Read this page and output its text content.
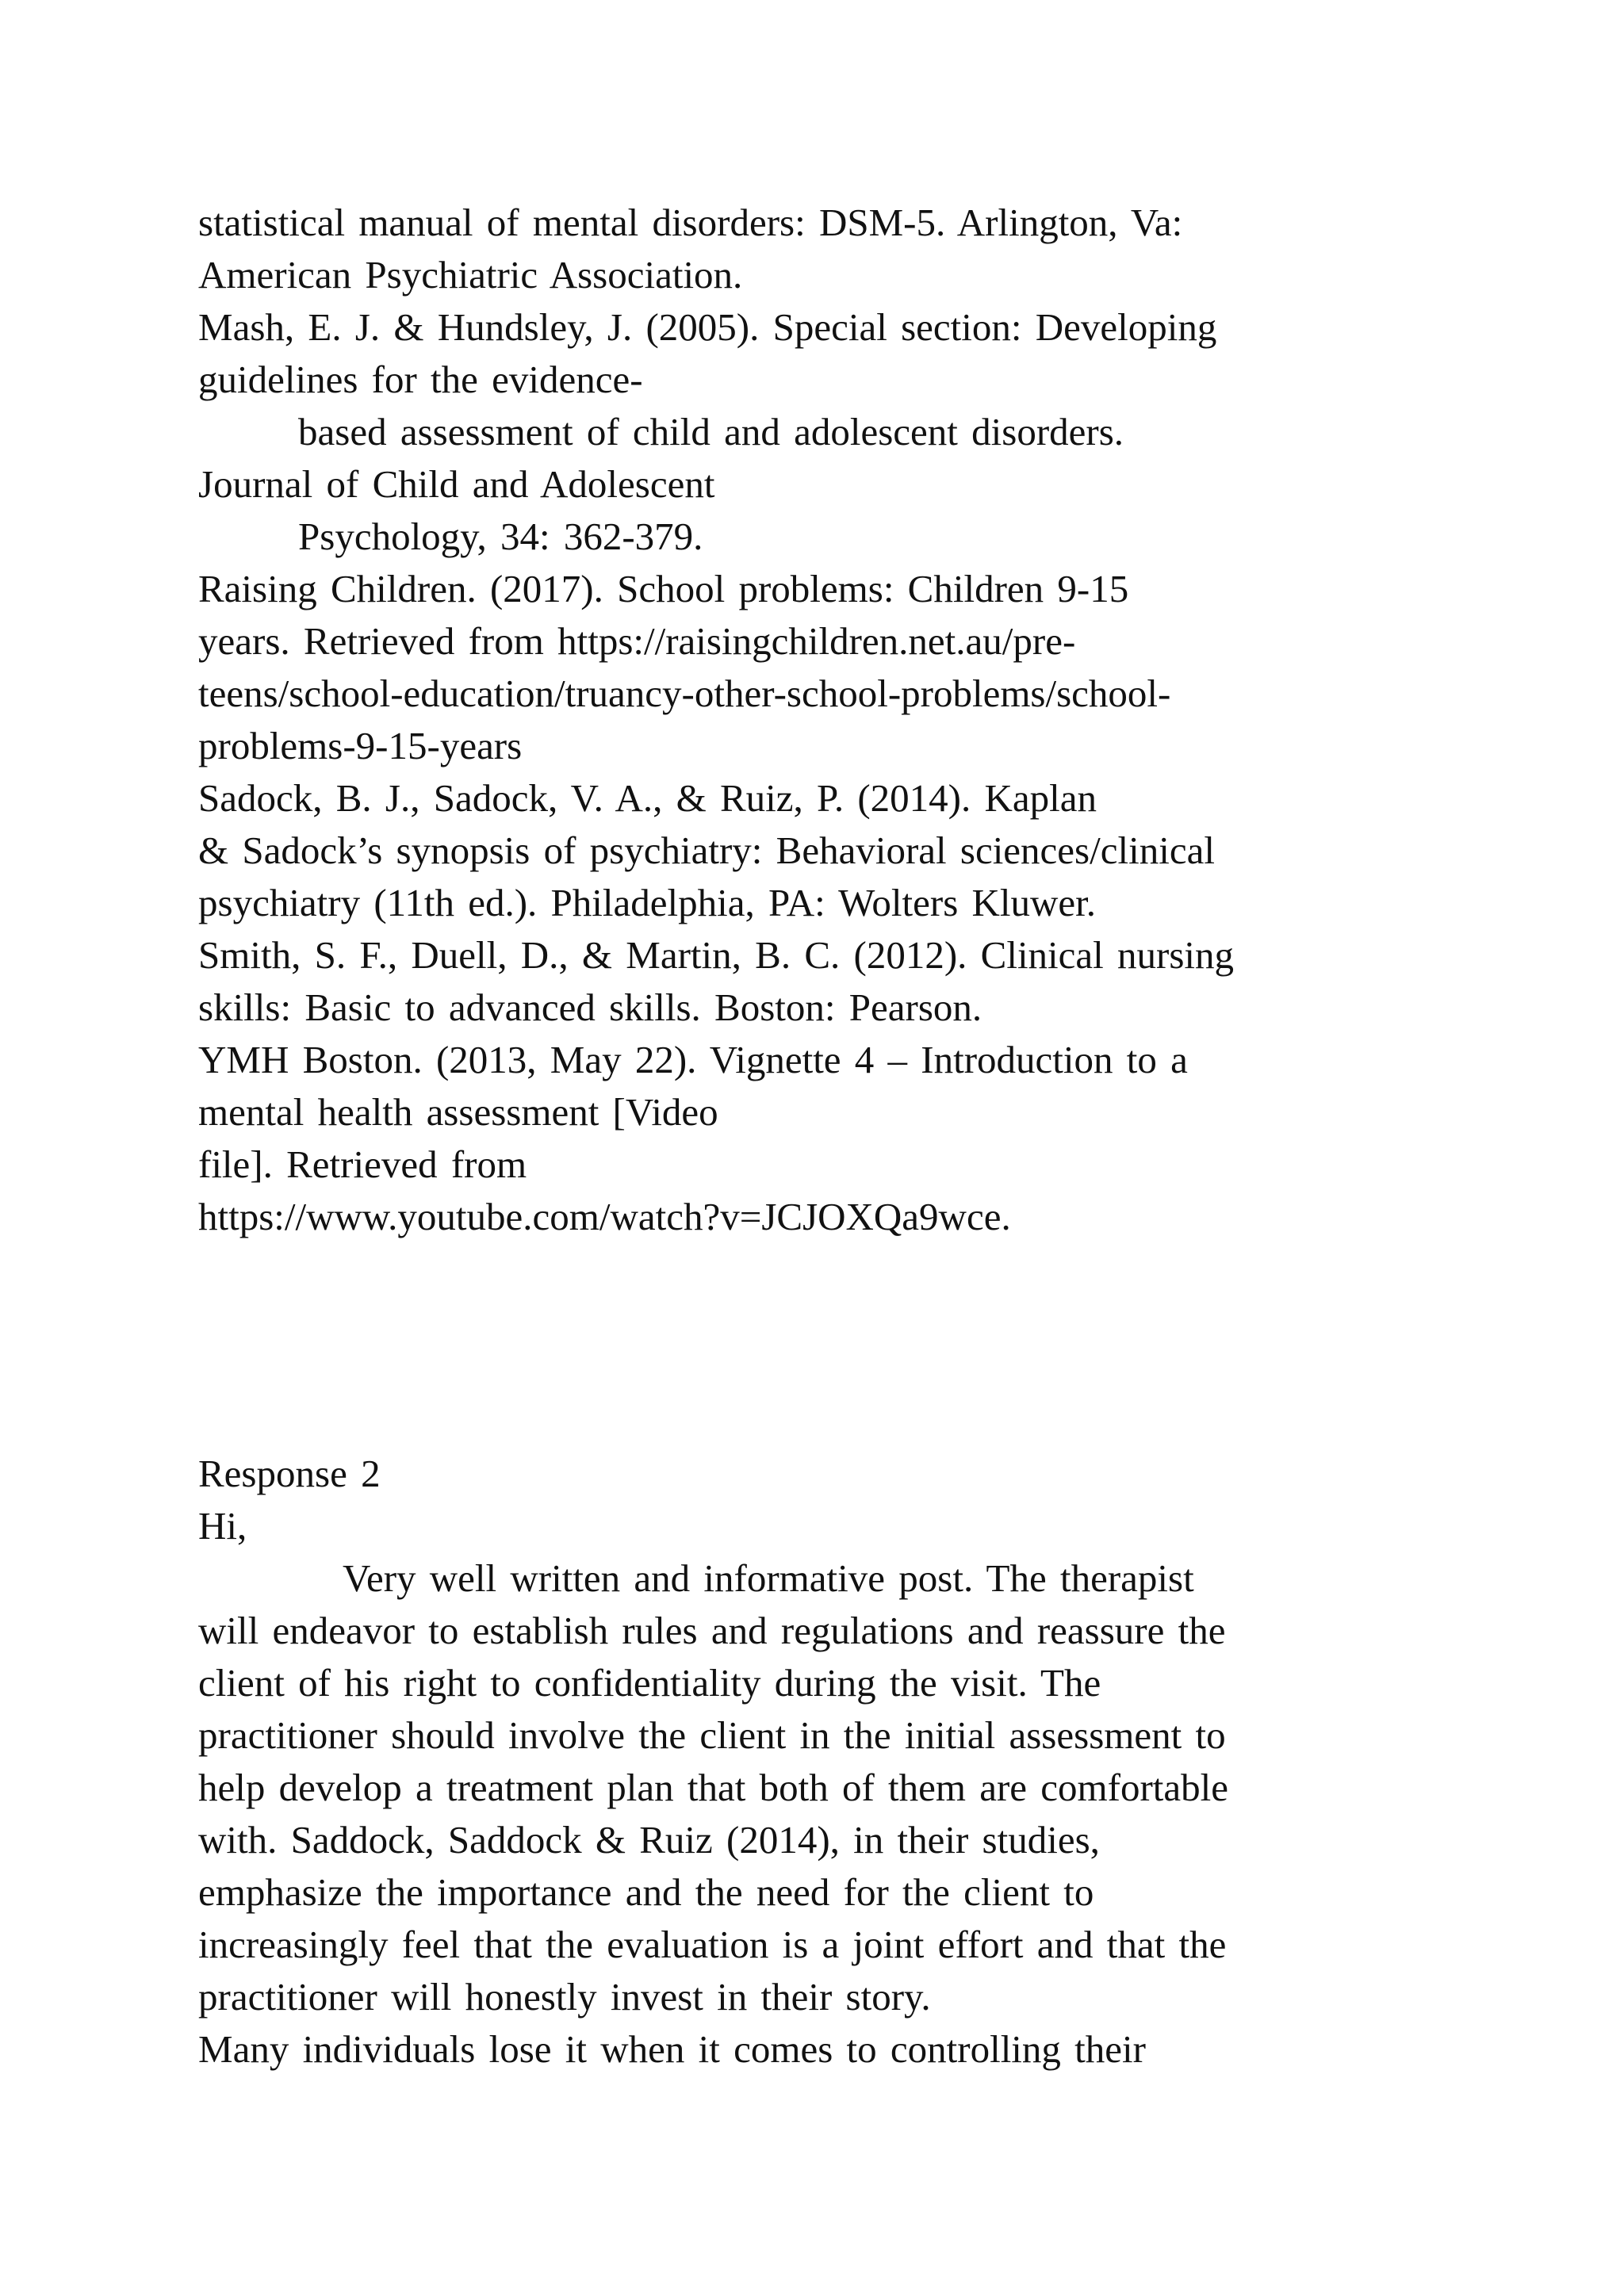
statistical manual of mental disorders: DSM-5. Arlington, Va:
American Psychiatric Association.
Mash, E. J. & Hundsley, J. (2005). Special section: Developing
guidelines for the evidence-
based assessment of child and adolescent disorders.
Journal of Child and Adolescent
Psychology, 34: 362-379.
Raising Children. (2017). School problems: Children 9-15
years. Retrieved from https://raisingchildren.net.au/pre-
teens/school-education/truancy-other-school-problems/school-
problems-9-15-years
Sadock, B. J., Sadock, V. A., & Ruiz, P. (2014). Kaplan
& Sadock’s synopsis of psychiatry: Behavioral sciences/clinical
psychiatry (11th ed.). Philadelphia, PA: Wolters Kluwer.
Smith, S. F., Duell, D., & Martin, B. C. (2012). Clinical nursing
skills: Basic to advanced skills. Boston: Pearson.
YMH Boston. (2013, May 22). Vignette 4 – Introduction to a
mental health assessment [Video
file]. Retrieved from
https://www.youtube.com/watch?v=JCJOXQa9wce.
Response 2
Hi,
Very well written and informative post. The therapist
will endeavor to establish rules and regulations and reassure the
client of his right to confidentiality during the visit. The
practitioner should involve the client in the initial assessment to
help develop a treatment plan that both of them are comfortable
with. Saddock, Saddock & Ruiz (2014), in their studies,
emphasize the importance and the need for the client to
increasingly feel that the evaluation is a joint effort and that the
practitioner will honestly invest in their story.
Many individuals lose it when it comes to controlling their
